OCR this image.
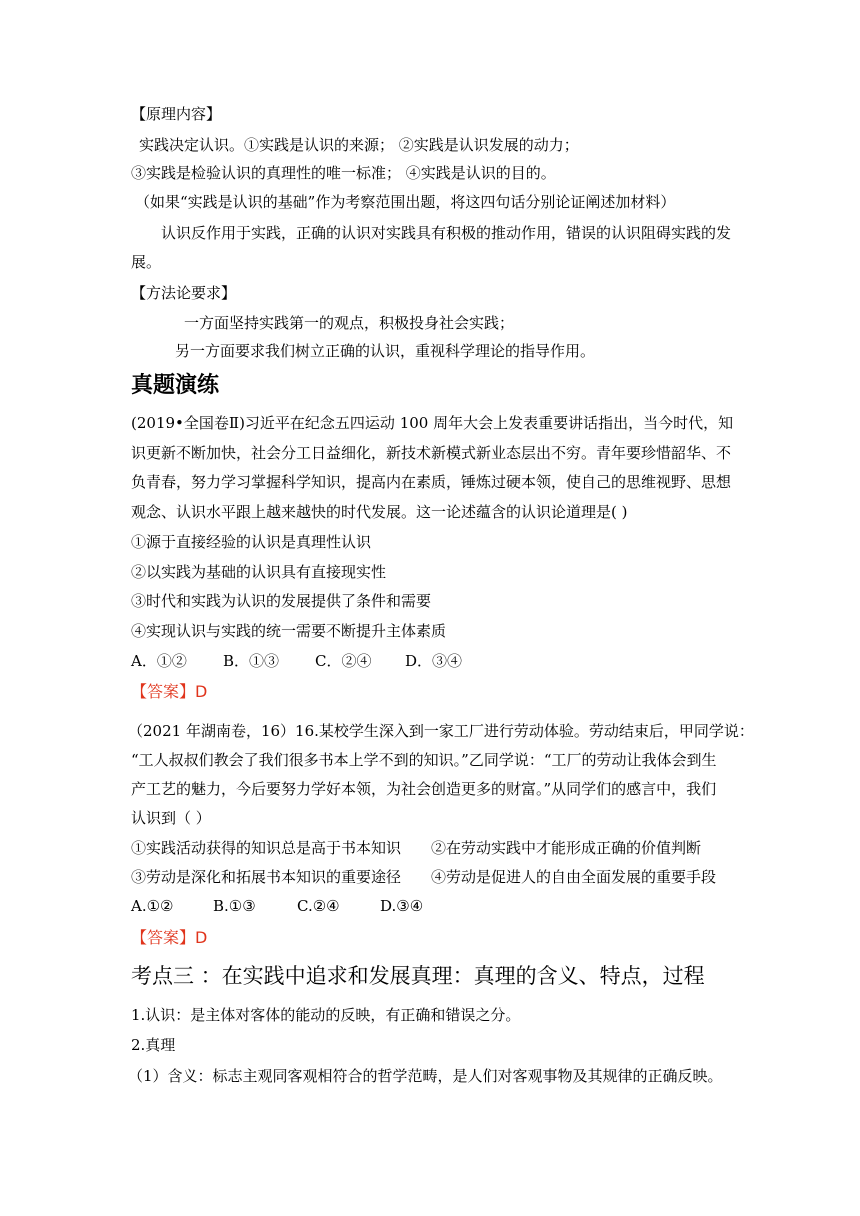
【原理内容】
实践决定认识。①实践是认识的来源； ②实践是认识发展的动力；
③实践是检验认识的真理性的唯一标准； ④实践是认识的目的。
（如果“实践是认识的基础”作为考察范围出题，将这四句话分别论证阐述加材料）
认识反作用于实践，正确的认识对实践具有积极的推动作用，错误的认识阻碍实践的发
展。
【方法论要求】
一方面坚持实践第一的观点，积极投身社会实践；
另一方面要求我们树立正确的认识，重视科学理论的指导作用。
真题演练
(2019•全国卷Ⅱ)习近平在纪念五四运动 100 周年大会上发表重要讲话指出，当今时代，知
识更新不断加快，社会分工日益细化，新技术新模式新业态层出不穷。青年要珍惜韶华、不
负青春，努力学习掌握科学知识，提高内在素质，锤炼过硬本领，使自己的思维视野、思想
观念、认识水平跟上越来越快的时代发展。这一论述蕴含的认识论道理是( )
①源于直接经验的认识是真理性认识
②以实践为基础的认识具有直接现实性
③时代和实践为认识的发展提供了条件和需要
④实现认识与实践的统一需要不断提升主体素质
A．①② B．①③ C．②④ D．③④
【答案】D
（2021 年湖南卷，16）16.某校学生深入到一家工厂进行劳动体验。劳动结束后，甲同学说：
“工人叔叔们教会了我们很多书本上学不到的知识。”乙同学说：“工厂的劳动让我体会到生
产工艺的魅力，今后要努力学好本领，为社会创造更多的财富。”从同学们的感言中，我们
认识到（ ）
①实践活动获得的知识总是高于书本知识 ②在劳动实践中才能形成正确的价值判断
③劳动是深化和拓展书本知识的重要途径 ④劳动是促进人的自由全面发展的重要手段
A.①②	B.①③	C.②④	D.③④
【答案】D
考点三 ：在实践中追求和发展真理：真理的含义、特点，过程
1.认识：是主体对客体的能动的反映，有正确和错误之分。
2.真理
（1）含义：标志主观同客观相符合的哲学范畴，是人们对客观事物及其规律的正确反映。
